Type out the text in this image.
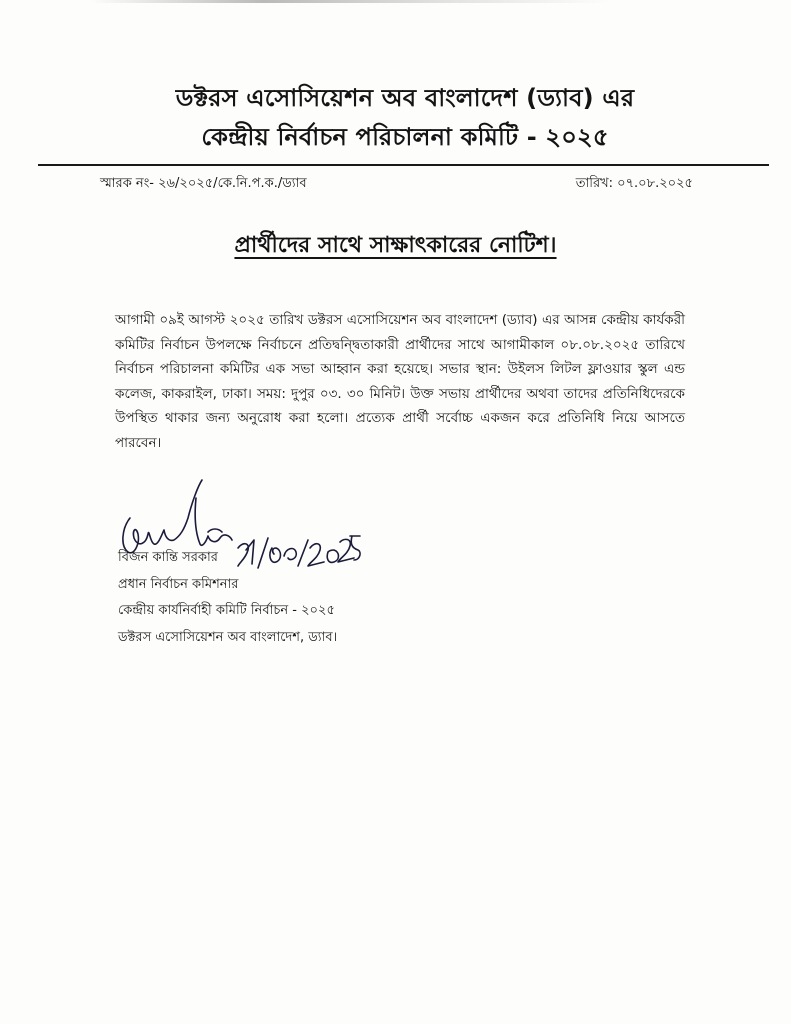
ডক্টরস এসোসিয়েশন অব বাংলাদেশ (ড্যাব) এর
কেন্দ্রীয় নির্বাচন পরিচালনা কমিটি - ২০২৫
স্মারক নং- ২৬/২০২৫/কে.নি.প.ক./ড্যাব	তারিখ: ০৭.০৮.২০২৫
প্রার্থীদের সাথে সাক্ষাৎকারের নোটিশ।
আগামী ০৯ই আগস্ট ২০২৫ তারিখ ডক্টরস এসোসিয়েশন অব বাংলাদেশ (ড্যাব) এর আসন্ন কেন্দ্রীয় কার্যকরী কমিটির নির্বাচন উপলক্ষে নির্বাচনে প্রতিদ্বন্দ্বিতাকারী প্রার্থীদের সাথে আগামীকাল ০৮.০৮.২০২৫ তারিখে নির্বাচন পরিচালনা কমিটির এক সভা আহ্বান করা হয়েছে। সভার স্থান: উইলস লিটল ফ্লাওয়ার স্কুল এন্ড কলেজ, কাকরাইল, ঢাকা। সময়: দুপুর ০৩. ৩০ মিনিট। উক্ত সভায় প্রার্থীদের অথবা তাদের প্রতিনিধিদেরকে উপস্থিত থাকার জন্য অনুরোধ করা হলো। প্রত্যেক প্রার্থী সর্বোচ্চ একজন করে প্রতিনিধি নিয়ে আসতে পারবেন।
বিজন কান্তি সরকার
প্রধান নির্বাচন কমিশনার
কেন্দ্রীয় কার্যনির্বাহী কমিটি নির্বাচন - ২০২৫
ডক্টরস এসোসিয়েশন অব বাংলাদেশ, ড্যাব।
